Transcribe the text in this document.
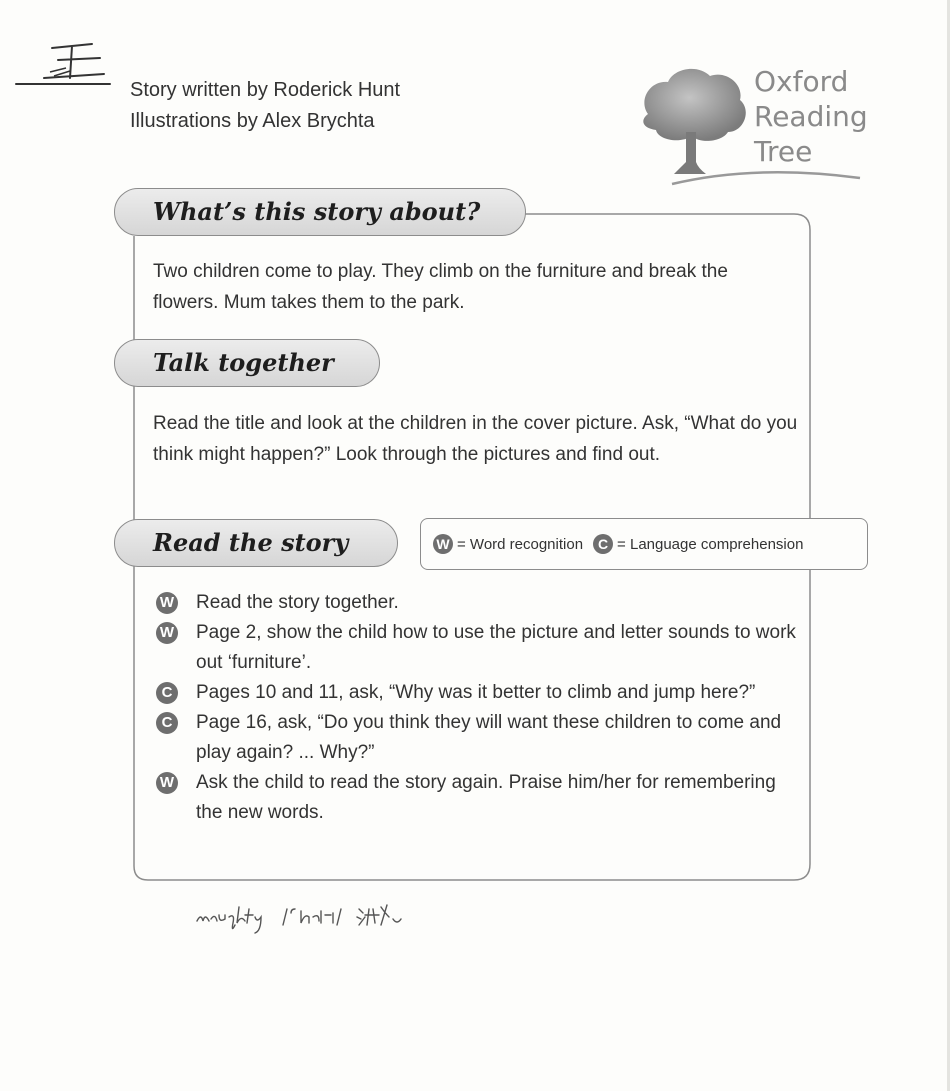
Story written by Roderick Hunt
Illustrations by Alex Brychta
Oxford
Reading
Tree
What’s this story about?
Two children come to play. They climb on the furniture and break the flowers. Mum takes them to the park.
Talk together
Read the title and look at the children in the cover picture. Ask, “What do you think might happen?” Look through the pictures and find out.
Read the story	W = Word recognition	C = Language comprehension
W Read the story together.
W Page 2, show the child how to use the picture and letter sounds to work out ‘furniture’.
C Pages 10 and 11, ask, “Why was it better to climb and jump here?”
C Page 16, ask, “Do you think they will want these children to come and play again? ... Why?”
W Ask the child to read the story again. Praise him/her for remembering the new words.
